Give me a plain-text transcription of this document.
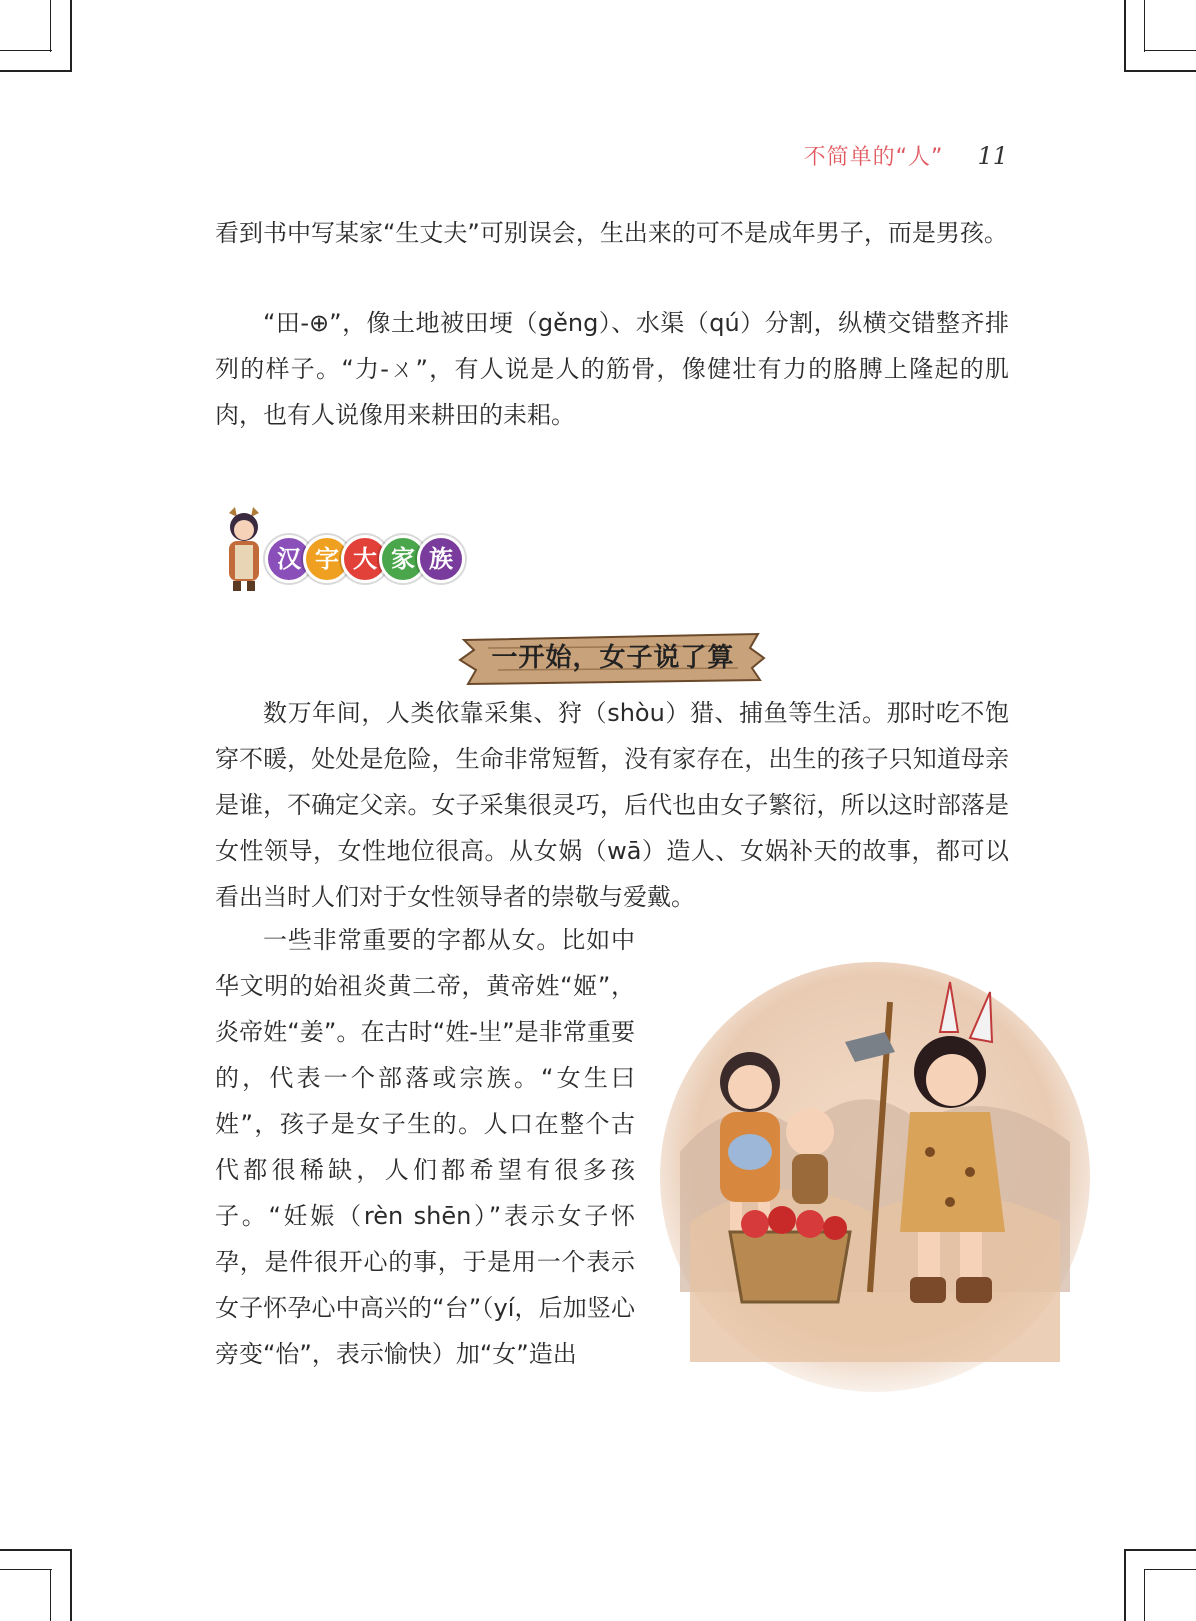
不简单的“人” 11

看到书中写某家“生丈夫”可别误会，生出来的可不是成年男子，而是男孩。

“田-⊕”，像土地被田埂（gěng）、水渠（qú）分割，纵横交错整齐排列的样子。“力-ㄨ”，有人说是人的筋骨，像健壮有力的胳膊上隆起的肌肉，也有人说像用来耕田的耒耜。

汉 字 大 家 族
一开始，女子说了算

数万年间，人类依靠采集、狩（shòu）猎、捕鱼等生活。那时吃不饱穿不暖，处处是危险，生命非常短暂，没有家存在，出生的孩子只知道母亲是谁，不确定父亲。女子采集很灵巧，后代也由女子繁衍，所以这时部落是女性领导，女性地位很高。从女娲（wā）造人、女娲补天的故事，都可以看出当时人们对于女性领导者的崇敬与爱戴。

一些非常重要的字都从女。比如中华文明的始祖炎黄二帝，黄帝姓“姬”，炎帝姓“姜”。在古时“姓-𤯓”是非常重要的，代表一个部落或宗族。“女生曰姓”，孩子是女子生的。人口在整个古代都很稀缺，人们都希望有很多孩子。“妊娠（rèn shēn）”表示女子怀孕，是件很开心的事，于是用一个表示女子怀孕心中高兴的“台”（yí，后加竖心旁变“怡”，表示愉快）加“女”造出
